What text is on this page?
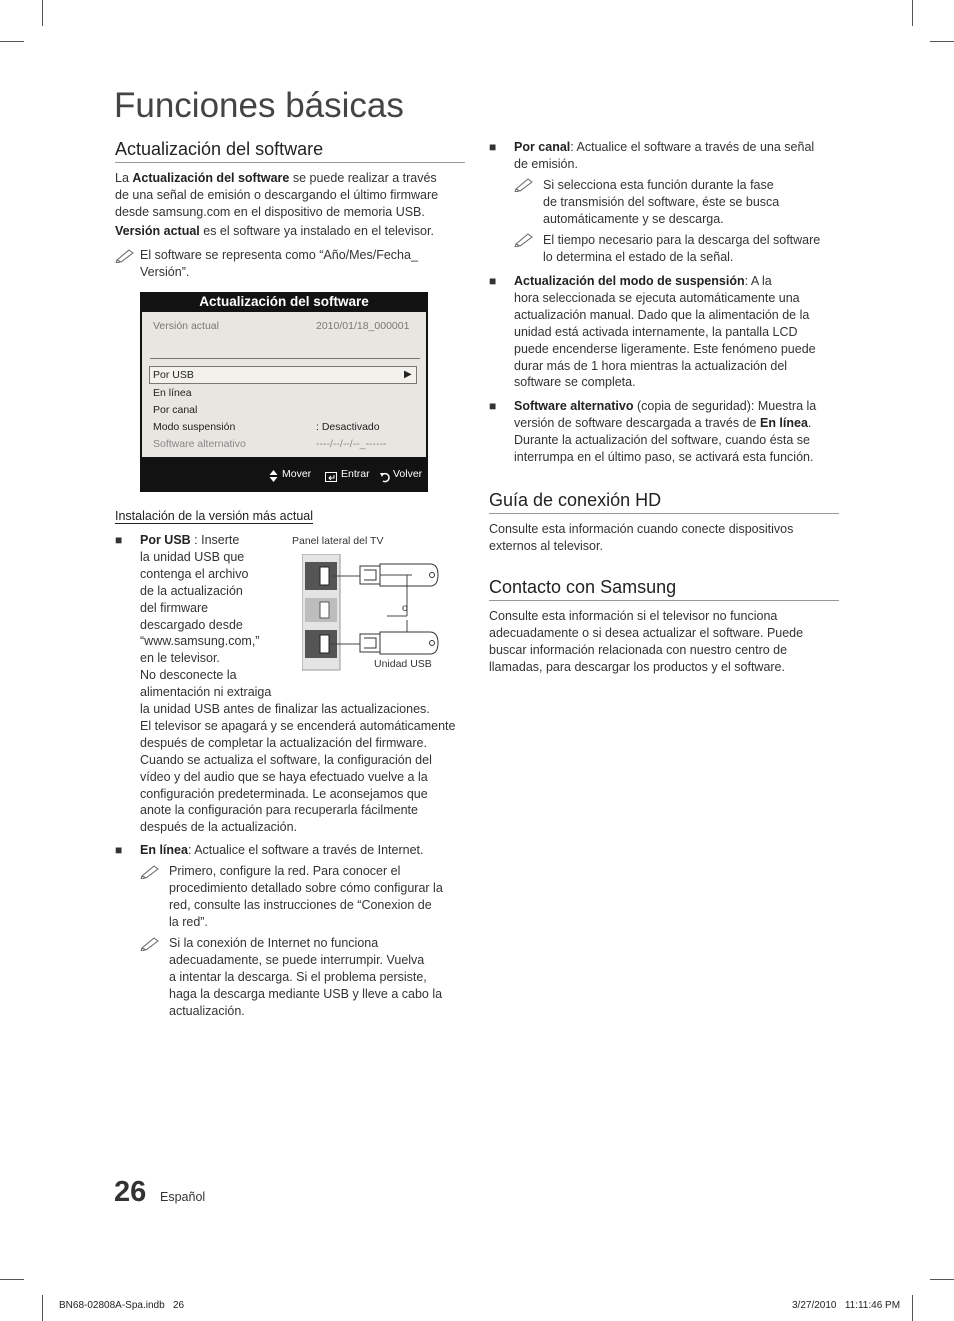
Funciones básicas
Actualización del software
La Actualización del software se puede realizar a través
de una señal de emisión o descargando el último firmware
desde samsung.com en el dispositivo de memoria USB.
Versión actual es el software ya instalado en el televisor.
El software se representa como “Año/Mes/Fecha_
Versión”.
Actualización del software
Versión actual	2010/01/18_000001
Por USB	▶
En línea
Por canal
Modo suspensión	: Desactivado
Software alternativo	----/--/--/--_------
Mover	Entrar Volver
Instalación de la versión más actual
■ Por USB : Inserte
la unidad USB que
contenga el archivo
de la actualización
del firmware
descargado desde
“www.samsung.com,”
en le televisor.
No desconecte la
alimentación ni extraiga
la unidad USB antes de finalizar las actualizaciones.
El televisor se apagará y se encenderá automáticamente
después de completar la actualización del firmware.
Cuando se actualiza el software, la configuración del
vídeo y del audio que se haya efectuado vuelve a la
configuración predeterminada. Le aconsejamos que
anote la configuración para recuperarla fácilmente
después de la actualización.
Panel lateral del TV
o
Unidad USB
■ En línea: Actualice el software a través de Internet.
Primero, configure la red. Para conocer el
procedimiento detallado sobre cómo configurar la
red, consulte las instrucciones de “Conexion de
la red”.
Si la conexión de Internet no funciona
adecuadamente, se puede interrumpir. Vuelva
a intentar la descarga. Si el problema persiste,
haga la descarga mediante USB y lleve a cabo la
actualización.
■ Por canal: Actualice el software a través de una señal
de emisión.
Si selecciona esta función durante la fase
de transmisión del software, éste se busca
automáticamente y se descarga.
El tiempo necesario para la descarga del software
lo determina el estado de la señal.
■ Actualización del modo de suspensión: A la
hora seleccionada se ejecuta automáticamente una
actualización manual. Dado que la alimentación de la
unidad está activada internamente, la pantalla LCD
puede encenderse ligeramente. Este fenómeno puede
durar más de 1 hora mientras la actualización del
software se completa.
■ Software alternativo (copia de seguridad): Muestra la
versión de software descargada a través de En línea.
Durante la actualización del software, cuando ésta se
interrumpa en el último paso, se activará esta función.
Guía de conexión HD
Consulte esta información cuando conecte dispositivos
externos al televisor.
Contacto con Samsung
Consulte esta información si el televisor no funciona
adecuadamente o si desea actualizar el software. Puede
buscar información relacionada con nuestro centro de
llamadas, para descargar los productos y el software.
26 Español
BN68-02808A-Spa.indb   26	3/27/2010   11:11:46 PM
